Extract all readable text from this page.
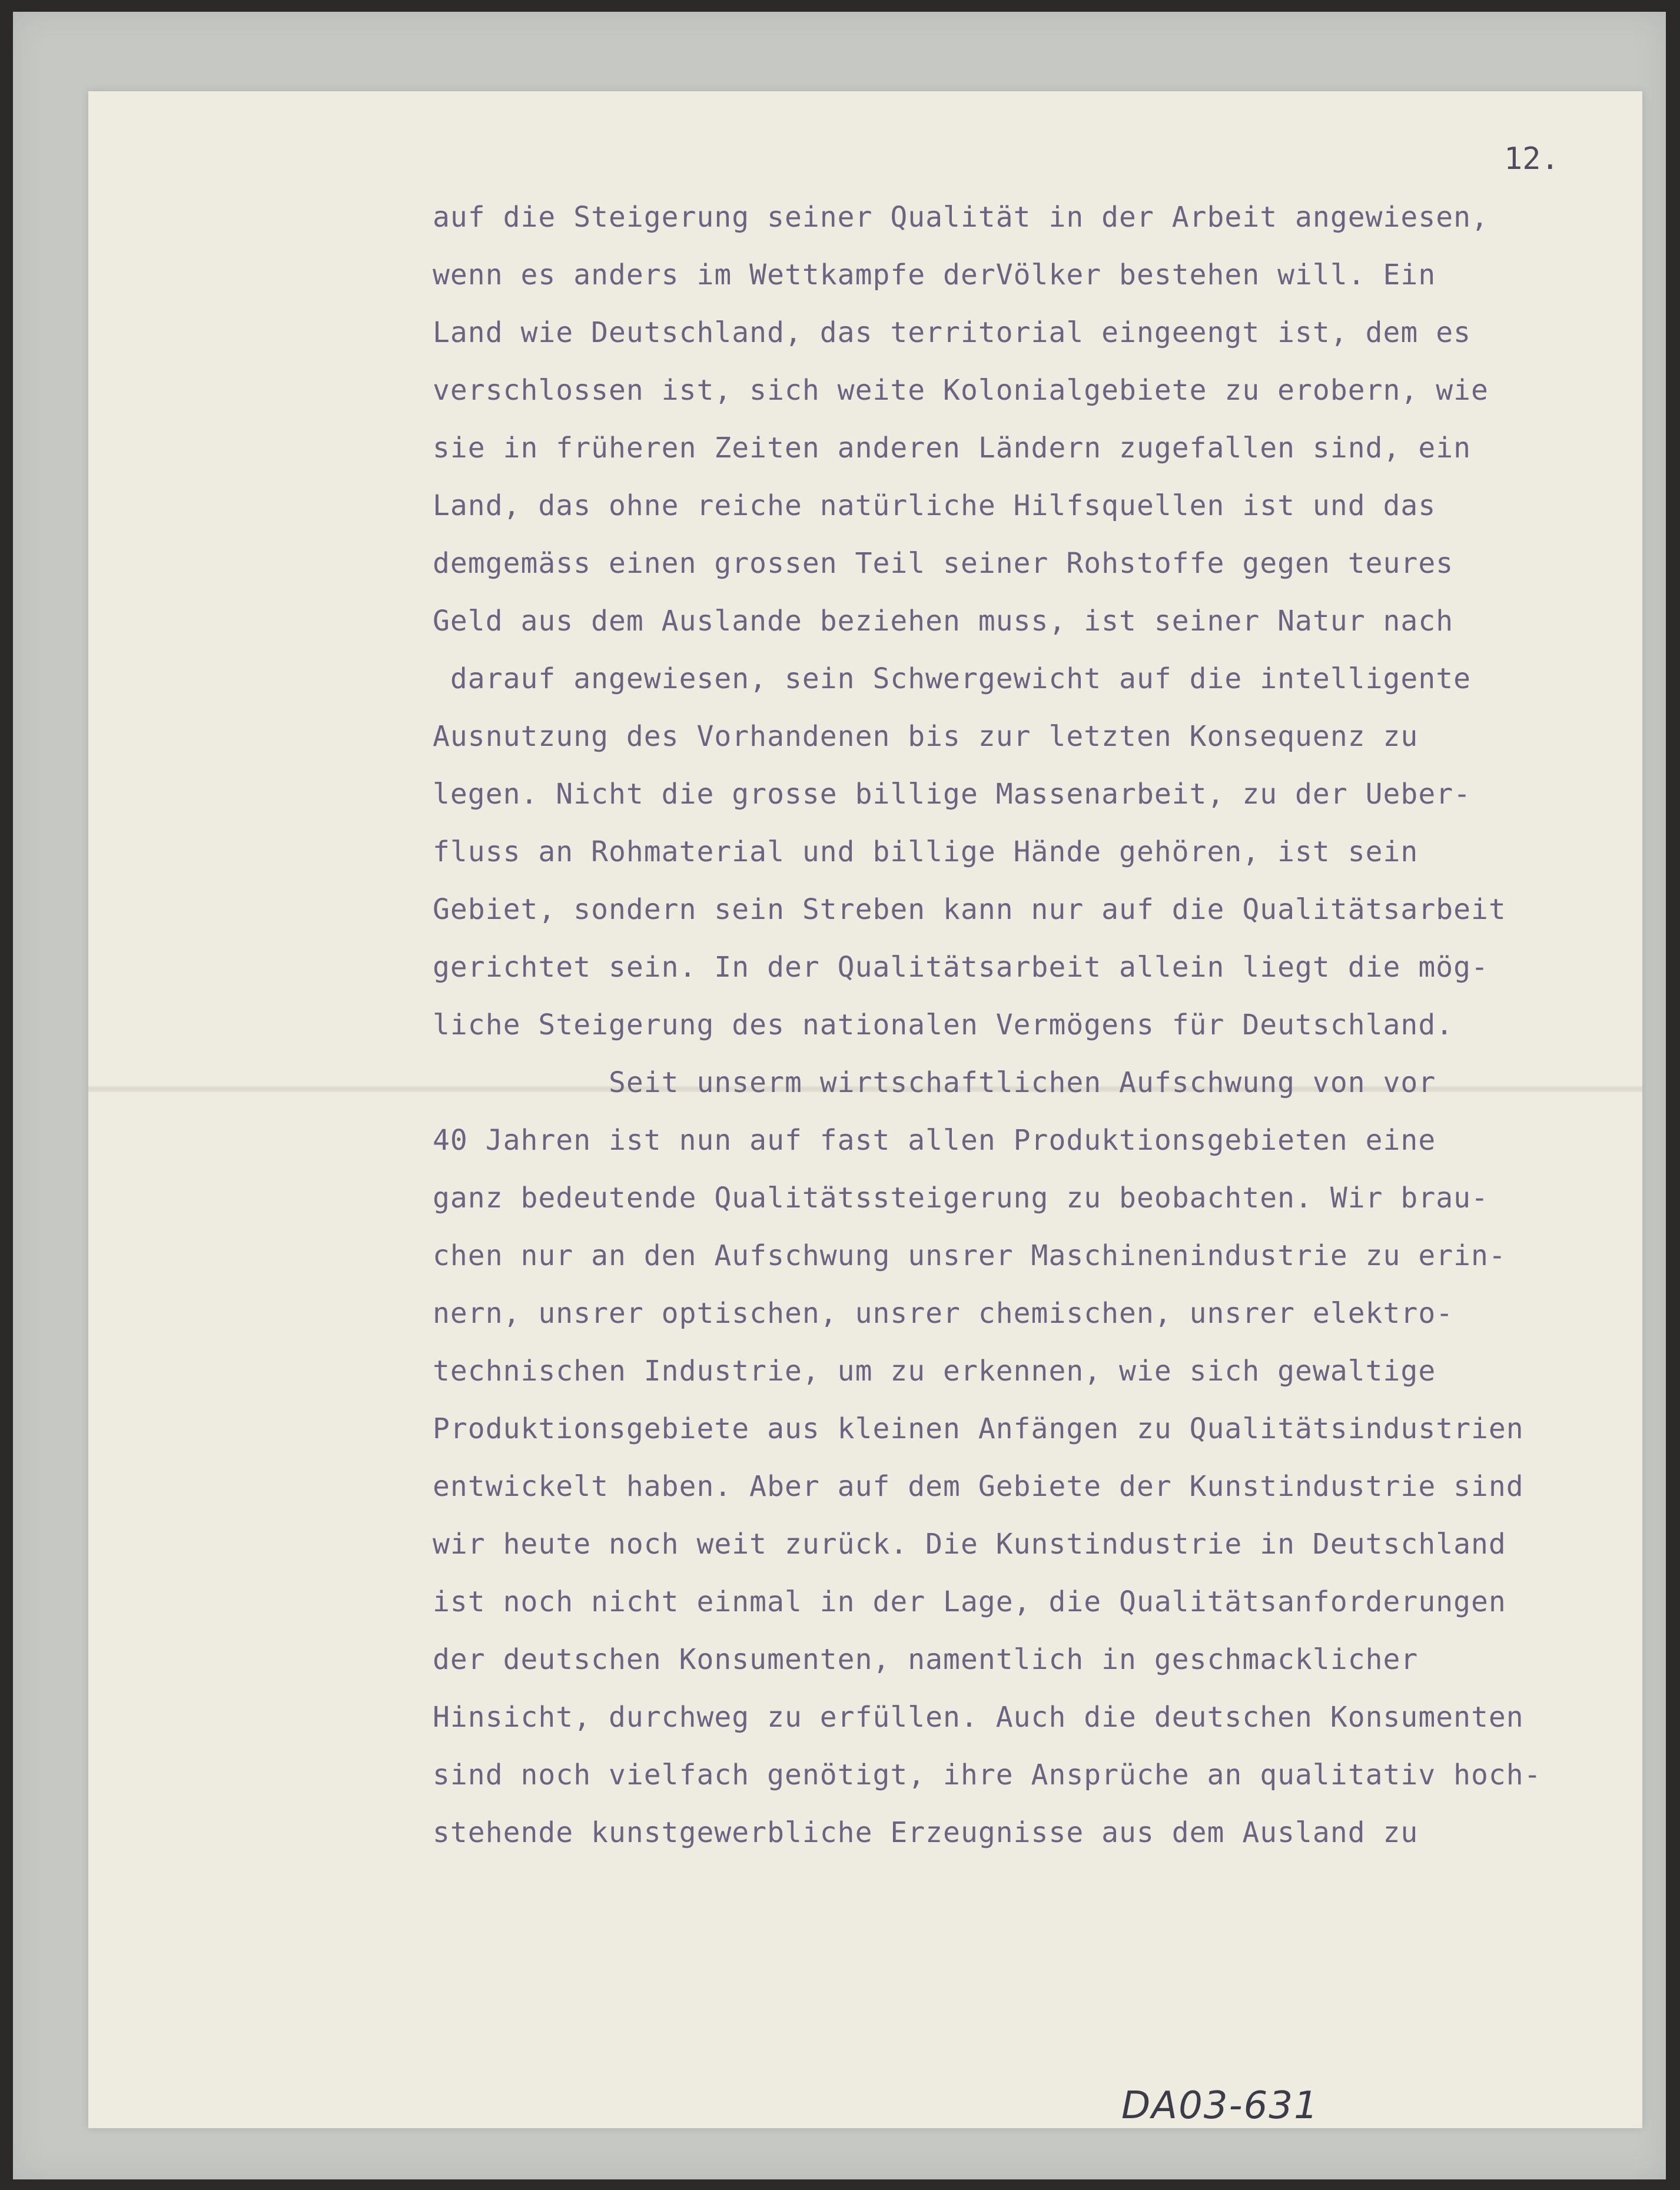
12.
auf die Steigerung seiner Qualität in der Arbeit angewiesen,
wenn es anders im Wettkampfe derVölker bestehen will. Ein
Land wie Deutschland, das territorial eingeengt ist, dem es
verschlossen ist, sich weite Kolonialgebiete zu erobern, wie
sie in früheren Zeiten anderen Ländern zugefallen sind, ein
Land, das ohne reiche natürliche Hilfsquellen ist und das
demgemäss einen grossen Teil seiner Rohstoffe gegen teures
Geld aus dem Auslande beziehen muss, ist seiner Natur nach
darauf angewiesen, sein Schwergewicht auf die intelligente
Ausnutzung des Vorhandenen bis zur letzten Konsequenz zu
legen. Nicht die grosse billige Massenarbeit, zu der Ueber-
fluss an Rohmaterial und billige Hände gehören, ist sein
Gebiet, sondern sein Streben kann nur auf die Qualitätsarbeit
gerichtet sein. In der Qualitätsarbeit allein liegt die mög-
liche Steigerung des nationalen Vermögens für Deutschland.
Seit unserm wirtschaftlichen Aufschwung von vor
40 Jahren ist nun auf fast allen Produktionsgebieten eine
ganz bedeutende Qualitätssteigerung zu beobachten. Wir brau-
chen nur an den Aufschwung unsrer Maschinenindustrie zu erin-
nern, unsrer optischen, unsrer chemischen, unsrer elektro-
technischen Industrie, um zu erkennen, wie sich gewaltige
Produktionsgebiete aus kleinen Anfängen zu Qualitätsindustrien
entwickelt haben. Aber auf dem Gebiete der Kunstindustrie sind
wir heute noch weit zurück. Die Kunstindustrie in Deutschland
ist noch nicht einmal in der Lage, die Qualitätsanforderungen
der deutschen Konsumenten, namentlich in geschmacklicher
Hinsicht, durchweg zu erfüllen. Auch die deutschen Konsumenten
sind noch vielfach genötigt, ihre Ansprüche an qualitativ hoch-
stehende kunstgewerbliche Erzeugnisse aus dem Ausland zu
DA03-631
